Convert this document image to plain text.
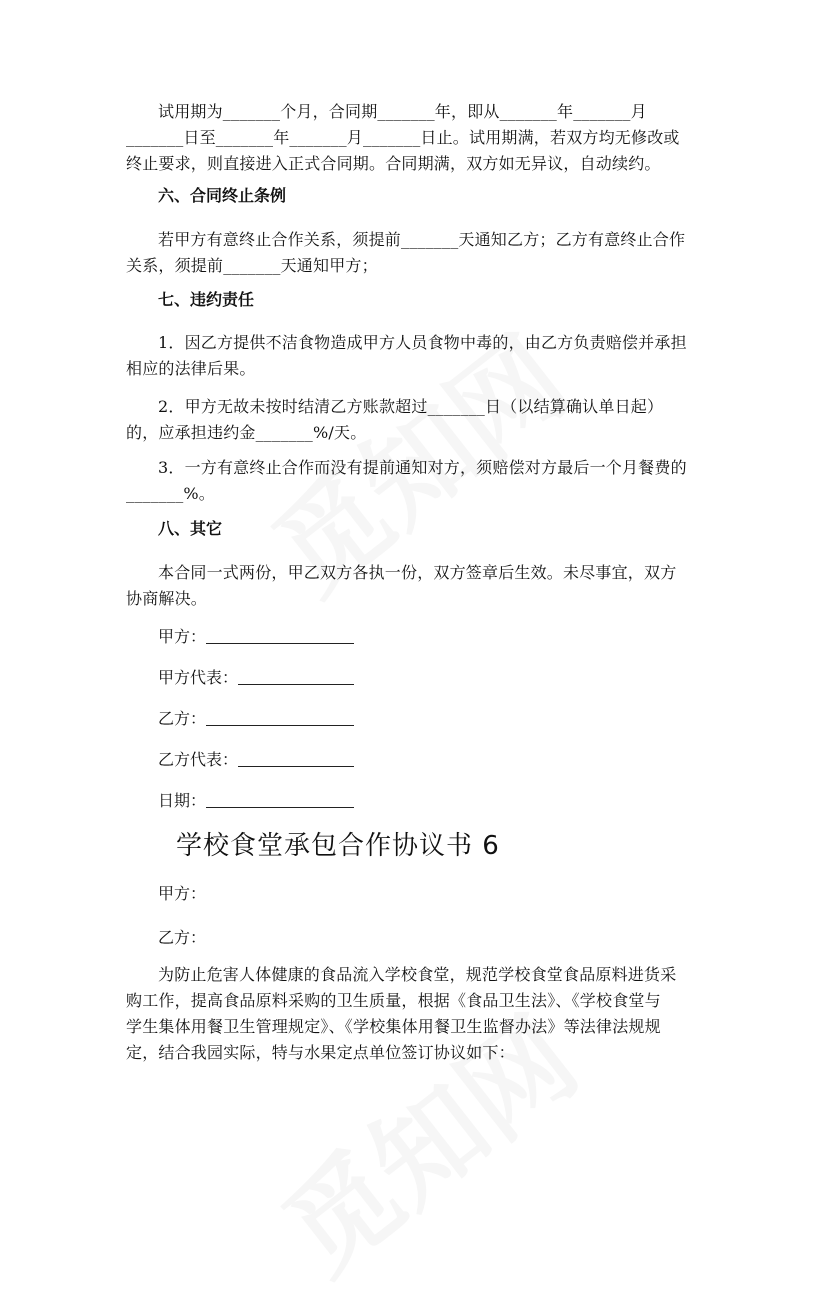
试用期为_______个月，合同期_______年，即从_______年_______月
_______日至_______年_______月_______日止。试用期满，若双方均无修改或
终止要求，则直接进入正式合同期。合同期满，双方如无异议，自动续约。
六、合同终止条例
若甲方有意终止合作关系，须提前_______天通知乙方；乙方有意终止合作
关系，须提前_______天通知甲方；
七、违约责任
1．因乙方提供不洁食物造成甲方人员食物中毒的，由乙方负责赔偿并承担
相应的法律后果。
2．甲方无故未按时结清乙方账款超过_______日（以结算确认单日起）
的，应承担违约金_______%/天。
3．一方有意终止合作而没有提前通知对方，须赔偿对方最后一个月餐费的
_______%。
八、其它
本合同一式两份，甲乙双方各执一份，双方签章后生效。未尽事宜，双方
协商解决。
甲方：
甲方代表：
乙方：
乙方代表：
日期：
学校食堂承包合作协议书 6
甲方：
乙方：
为防止危害人体健康的食品流入学校食堂，规范学校食堂食品原料进货采
购工作，提高食品原料采购的卫生质量，根据《食品卫生法》、《学校食堂与
学生集体用餐卫生管理规定》、《学校集体用餐卫生监督办法》等法律法规规
定，结合我园实际，特与水果定点单位签订协议如下：
